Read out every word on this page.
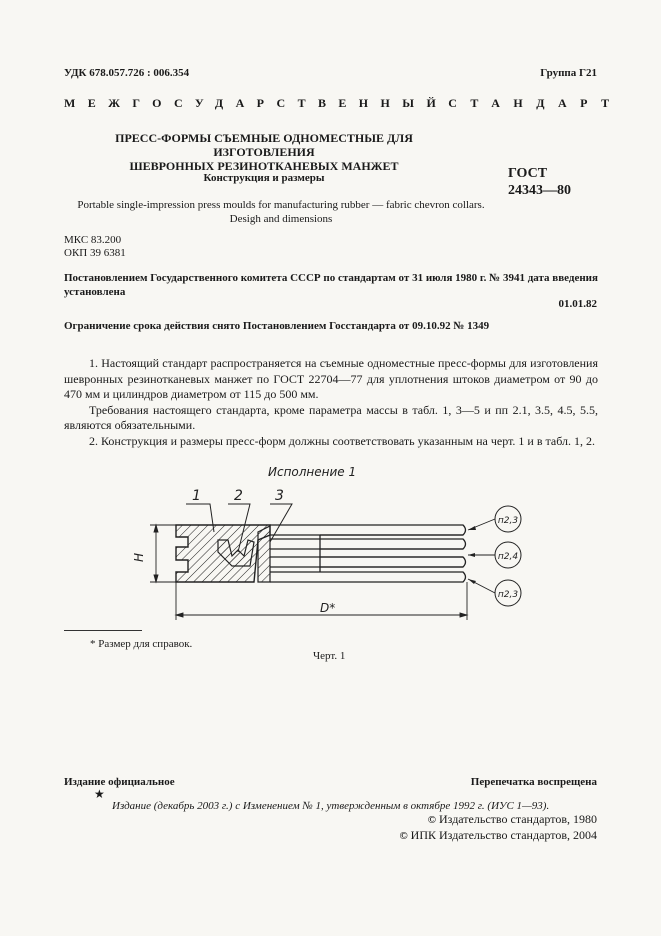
УДК 678.057.726 : 006.354	Группа Г21
МЕЖГОСУДАРСТВЕННЫЙ СТАНДАРТ
ПРЕСС-ФОРМЫ СЪЕМНЫЕ ОДНОМЕСТНЫЕ ДЛЯ ИЗГОТОВЛЕНИЯ
ШЕВРОННЫХ РЕЗИНОТКАНЕВЫХ МАНЖЕТ
Конструкция и размеры	ГОСТ
24343—80
Portable single-impression press moulds for manufacturing rubber — fabric chevron collars.
Desigh and dimensions
МКС 83.200
ОКП 39 6381
Постановлением Государственного комитета СССР по стандартам от 31 июля 1980 г. № 3941 дата введения установлена
01.01.82
Ограничение срока действия снято Постановлением Госстандарта от 09.10.92 № 1349

1. Настоящий стандарт распространяется на съемные одноместные пресс-формы для изготовления шевронных резинотканевых манжет по ГОСТ 22704—77 для уплотнения штоков диаметром от 90 до 470 мм и цилиндров диаметром от 115 до 500 мм.

Требования настоящего стандарта, кроме параметра массы в табл. 1, 3—5 и пп 2.1, 3.5, 4.5, 5.5, являются обязательными.

2. Конструкция и размеры пресс-форм должны соответствовать указанным на черт. 1 и в табл. 1, 2.

Исполнение 1
1 2 3
H
D*
п2,3
п2,4
п2,3
* Размер для справок.
Черт. 1
Издание официальное	Перепечатка воспрещена
★
Издание (декабрь 2003 г.) с Изменением № 1, утвержденным в октябре 1992 г. (ИУС 1—93).
© Издательство стандартов, 1980
© ИПК Издательство стандартов, 2004
